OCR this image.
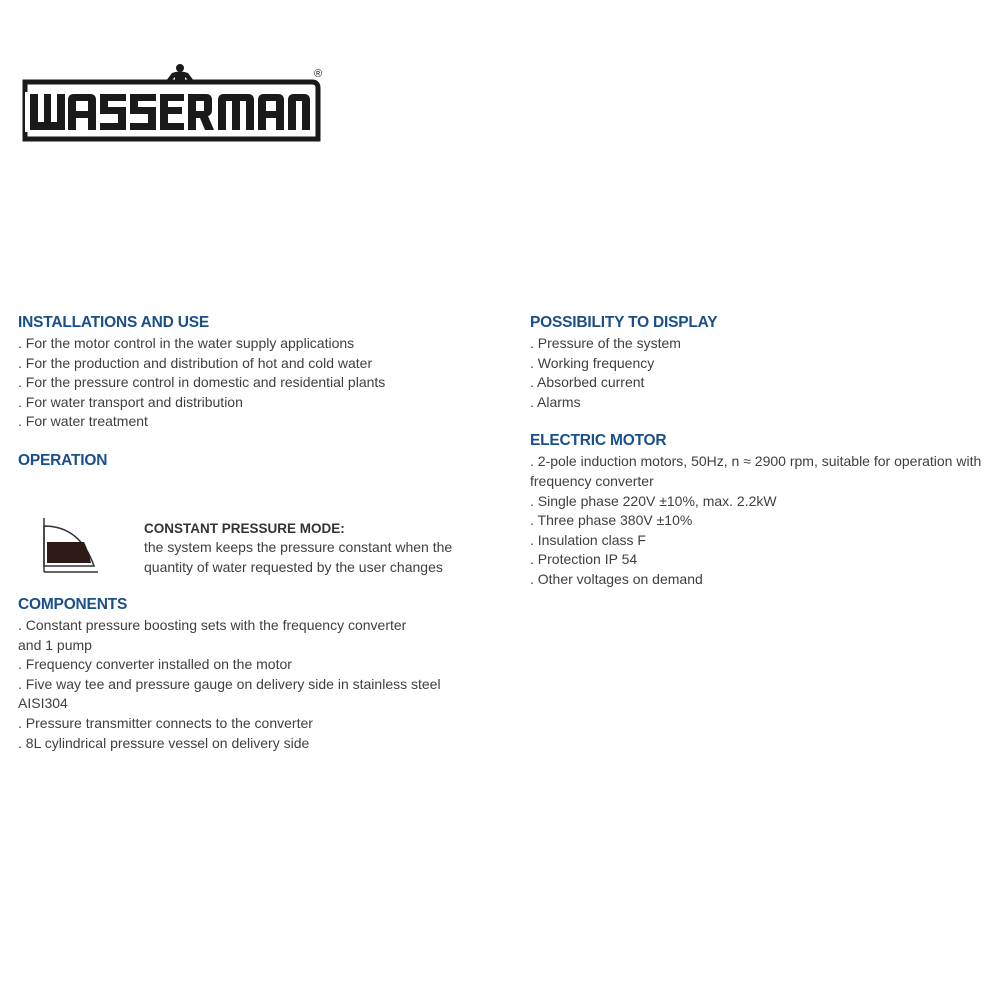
®
INSTALLATIONS AND USE
. For the motor control in the water supply applications
. For the production and distribution of hot and cold water
. For the pressure control in domestic and residential plants
. For water transport and distribution
. For water treatment
OPERATION
CONSTANT PRESSURE MODE:
the system keeps the pressure constant when the
quantity of water requested by the user changes
COMPONENTS
. Constant pressure boosting sets with the frequency converter
and 1 pump
. Frequency converter installed on the motor
. Five way tee and pressure gauge on delivery side in stainless steel
AISI304
. Pressure transmitter connects to the converter
. 8L cylindrical pressure vessel on delivery side
POSSIBILITY TO DISPLAY
. Pressure of the system
. Working frequency
. Absorbed current
. Alarms
ELECTRIC MOTOR
. 2-pole induction motors, 50Hz, n ≈ 2900 rpm, suitable for operation with
frequency converter
. Single phase 220V ±10%, max. 2.2kW
. Three phase 380V ±10%
. Insulation class F
. Protection IP 54
. Other voltages on demand
